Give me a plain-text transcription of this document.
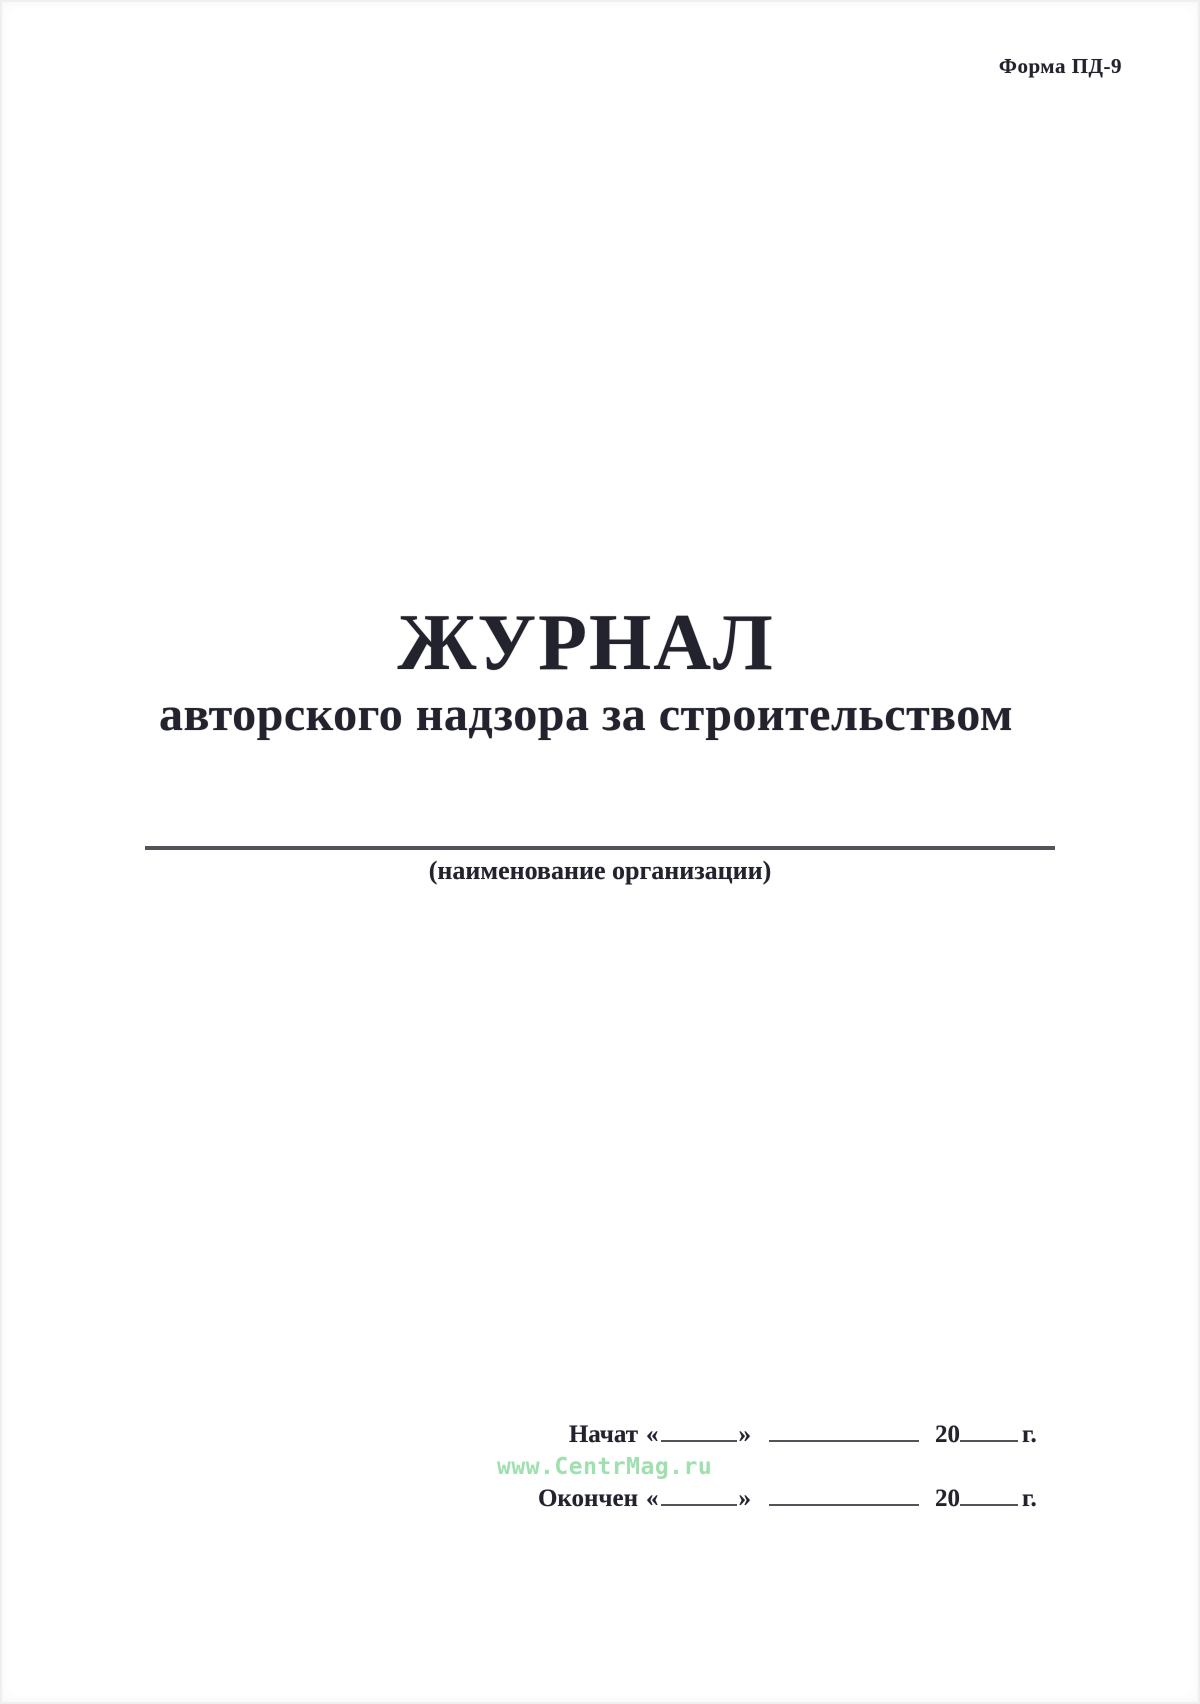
Форма ПД-9
ЖУРНАЛ
авторского надзора за строительством
(наименование организации)
Начат «	»	20 г.
Окончен «	»	20 г.
www.CentrMag.ru
